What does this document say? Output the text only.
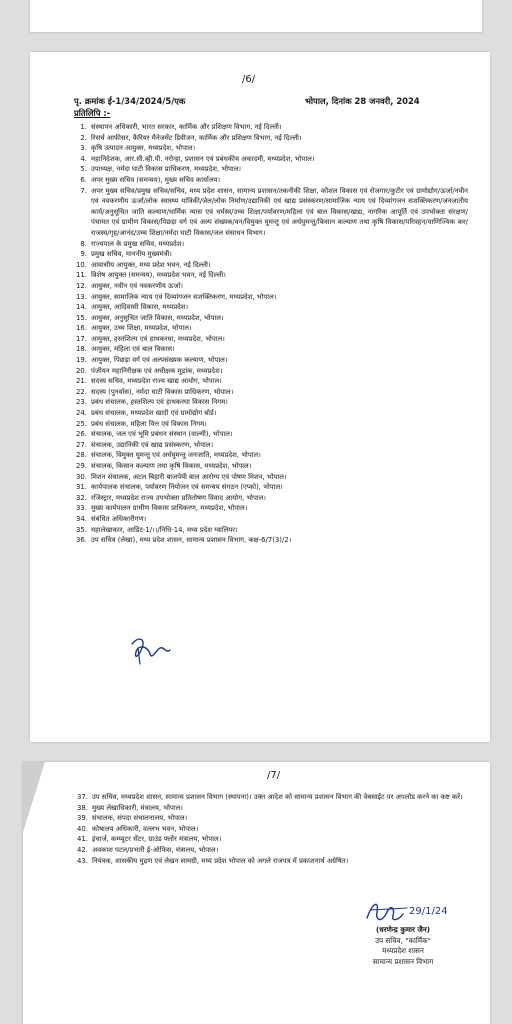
/6/
पृ. क्रमांक ई-1/34/2024/5/एक	भोपाल, दिनांक 28 जनवरी, 2024
प्रतिलिपि :-
1. संस्थापन अधिकारी, भारत सरकार, कार्मिक और प्रशिक्षण विभाग, नई दिल्ली।
2. रिसर्च आफीसर, कैरियर मैनेजमेंट डिवीजन, कार्मिक और प्रशिक्षण विभाग, नई दिल्ली।
3. कृषि उत्पादन आयुक्त, मध्यप्रदेश, भोपाल।
4. महानिदेशक, आर.सी.व्ही.पी. नरोन्हा, प्रशासन एवं प्रबंधकीय अकादमी, मध्यप्रदेश, भोपाल।
5. उपाध्यक्ष, नर्मदा घाटी विकास प्राधिकरण, मध्यप्रदेश, भोपाल।
6. अपर मुख्य सचिव (समन्वय), मुख्य सचिव कार्यालय।
7. अपर मुख्य सचिव/प्रमुख सचिव/सचिव, मध्य प्रदेश शासन, सामान्य प्रशासन/तकनीकी शिक्षा, कौशल विकास एवं रोजगार/कुटीर एवं ग्रामोद्योग/ऊर्जा/नवीन एवं नवकरणीय ऊर्जा/लोक स्वास्थ्य यांत्रिकी/जेल/लोक निर्माण/उद्यानिकी एवं खाद्य प्रसंस्करण/सामाजिक न्याय एवं दिव्यांगजन सशक्तिकरण/जनजातीय कार्य/अनुसूचित जाति कल्याण/धार्मिक न्यास एवं धर्मस्व/उच्च शिक्षा/पर्यावरण/महिला एवं बाल विकास/खाद्य, नागरिक आपूर्ति एवं उपभोक्ता संरक्षण/पंचायत एवं ग्रामीण विकास/पिछड़ा वर्ग एवं अल्प संख्यक/वन/विमुक्त घुमन्तु एवं अर्धघुमन्तु/किसान कल्याण तथा कृषि विकास/परिवहन/वाणिज्यिक कर/राजस्व/गृह/आनंद/उच्च शिक्षा/नर्मदा घाटी विकास/जल संसाधन विभाग।
8. राज्यपाल के प्रमुख सचिव, मध्यप्रदेश।
9. प्रमुख सचिव, माननीय मुख्यमंत्री।
10. आवासीय आयुक्त, मध्य प्रदेश भवन, नई दिल्ली।
11. विशेष आयुक्त (समन्वय), मध्यप्रदेश भवन, नई दिल्ली।
12. आयुक्त, नवीन एवं नवकरणीय ऊर्जा।
13. आयुक्त, सामाजिक न्याय एवं दिव्यांगजन सशक्तिकरण, मध्यप्रदेश, भोपाल।
14. आयुक्त, आदिवासी विकास, मध्यप्रदेश।
15. आयुक्त, अनुसूचित जाति विकास, मध्यप्रदेश, भोपाल।
16. आयुक्त, उच्च शिक्षा, मध्यप्रदेश, भोपाल।
17. आयुक्त, हस्तशिल्प एवं हाथकरघा, मध्यप्रदेश, भोपाल।
18. आयुक्त, महिला एवं बाल विकास।
19. आयुक्त, पिछड़ा वर्ग एवं अल्पसंख्यक कल्याण, भोपाल।
20. पंजीयन महानिरीक्षक एवं अधीक्षक मुद्रांक, मध्यप्रदेश।
21. सदस्य सचिव, मध्यप्रदेश राज्य खाद्य आयोग, भोपाल।
22. सदस्य (पुनर्वास), नर्मदा घाटी विकास प्राधिकरण, भोपाल।
23. प्रबंध संचालक, हस्तशिल्प एवं हाथकरघा विकास निगम।
24. प्रबंध संचालक, मध्यप्रदेश खादी एवं ग्रामोद्योग बोर्ड।
25. प्रबंध संचालक, महिला वित्त एवं विकास निगम।
26. संचालक, जल एवं भूमि प्रबंधन संस्थान (वाल्मी), भोपाल।
27. संचालक, उद्यानिकी एवं खाद्य प्रसंस्करण, भोपाल।
28. संचालक, विमुक्त घुमन्तु एवं अर्धघुमन्तु जनजाति, मध्यप्रदेश, भोपाल।
29. संचालक, किसान कल्याण तथा कृषि विकास, मध्यप्रदेश, भोपाल।
30. मिशन संचालक, अटल बिहारी बाजपेयी बाल आरोग्य एवं पोषण मिशन, भोपाल।
31. कार्यपालक संचालक, पर्यावरण नियोजन एवं समन्वय संगठन (एप्को), भोपाल।
32. रजिस्ट्रार, मध्यप्रदेश राज्य उपभोक्ता प्रतितोषण विवाद आयोग, भोपाल।
33. मुख्य कार्यपालन ग्रामीण विकास प्राधिकरण, मध्यप्रदेश, भोपाल।
34. संबंधित अधिकारीगण।
35. महालेखाकार, आडिट-1/।।/निधि-14, मध्य प्रदेश ग्वालियर।
36. उप सचिव (लेखा), मध्य प्रदेश शासन, सामान्य प्रशासन विभाग, कक्ष-6/7(3)/2।
/7/
37. उप सचिव, मध्यप्रदेश शासन, सामान्य प्रशासन विभाग (स्थापना)। उक्त आदेश को सामान्य प्रशासन विभाग की वेबसाईट पर अपलोड करने का कष्ट करें।
38. मुख्य लेखाधिकारी, मंत्रालय, भोपाल।
39. संचालक, संपदा संचालनालय, भोपाल।
40. कोषालय अधिकारी, वल्लभ भवन, भोपाल।
41. इंचार्ज, कम्प्यूटर सेंटर, ग्राउंड फ्लोर मंत्रालय, भोपाल।
42. अवकाश पटल/प्रभारी ई-ऑफिस, मंत्रालय, भोपाल।
43. नियंत्रक, शासकीय मुद्रण एवं लेखन सामग्री, मध्य प्रदेश भोपाल को अगले राजपत्र में प्रकाशनार्थ अग्रेषित।
29/1/24
(धरणेन्द्र कुमार जैन)
उप सचिव, "कार्मिक"
मध्यप्रदेश शासन
सामान्य प्रशासन विभाग
